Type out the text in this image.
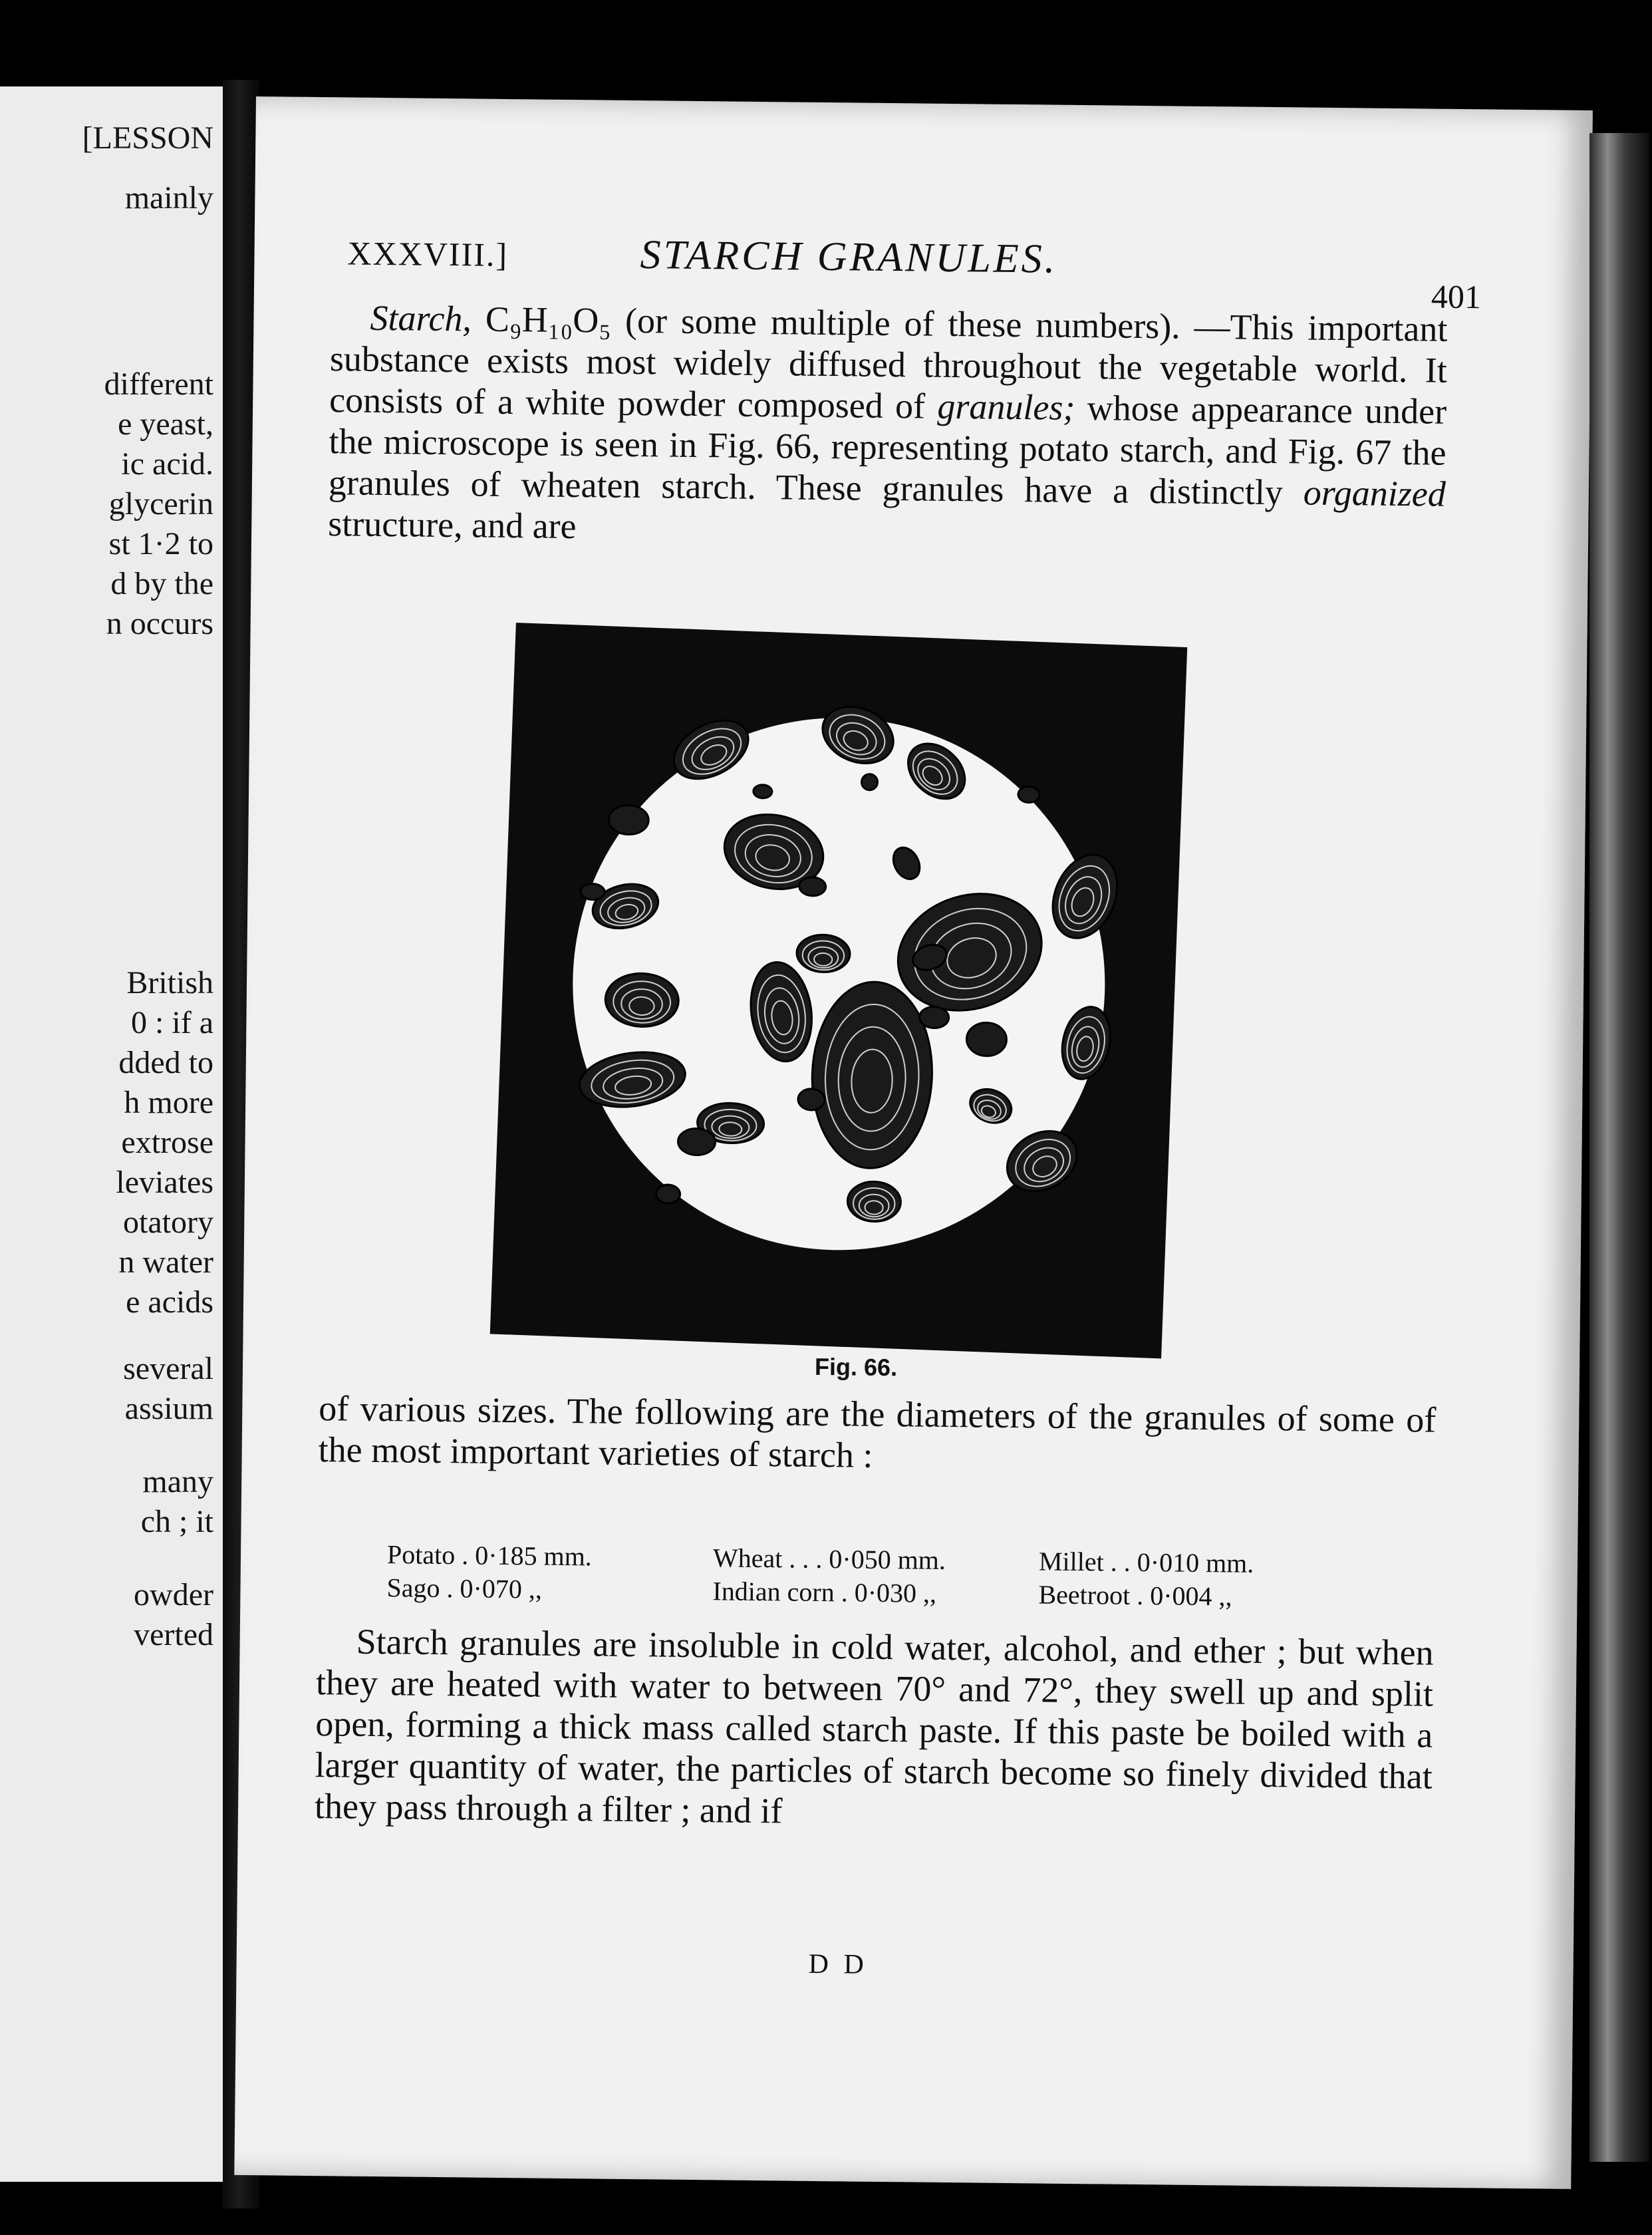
[LESSON
mainly
different
e yeast,
ic acid.
glycerin
st 1·2 to
d by the
n occurs
British
0 : if a
dded to
h more
extrose
leviates
otatory
n water
e acids
several
assium
many
ch ; it
owder
verted
XXXVIII.]	STARCH GRANULES.
401
Starch, C₉H₁₀O₅ (or some multiple of these numbers). —This important substance exists most widely diffused throughout the vegetable world. It consists of a white powder composed of granules; whose appearance under the microscope is seen in Fig. 66, representing potato starch, and Fig. 67 the granules of wheaten starch. These granules have a distinctly organized structure, and are
Fig. 66.
of various sizes. The following are the diameters of the granules of some of the most important varieties of starch :
Potato . 0·185 mm.	Wheat . . . 0·050 mm.	Millet . . 0·010 mm.
Sago . 0·070 ,,	Indian corn . 0·030 ,,	Beetroot . 0·004 ,,
Starch granules are insoluble in cold water, alcohol, and ether ; but when they are heated with water to between 70° and 72°, they swell up and split open, forming a thick mass called starch paste. If this paste be boiled with a larger quantity of water, the particles of starch become so finely divided that they pass through a filter ; and if
D D
